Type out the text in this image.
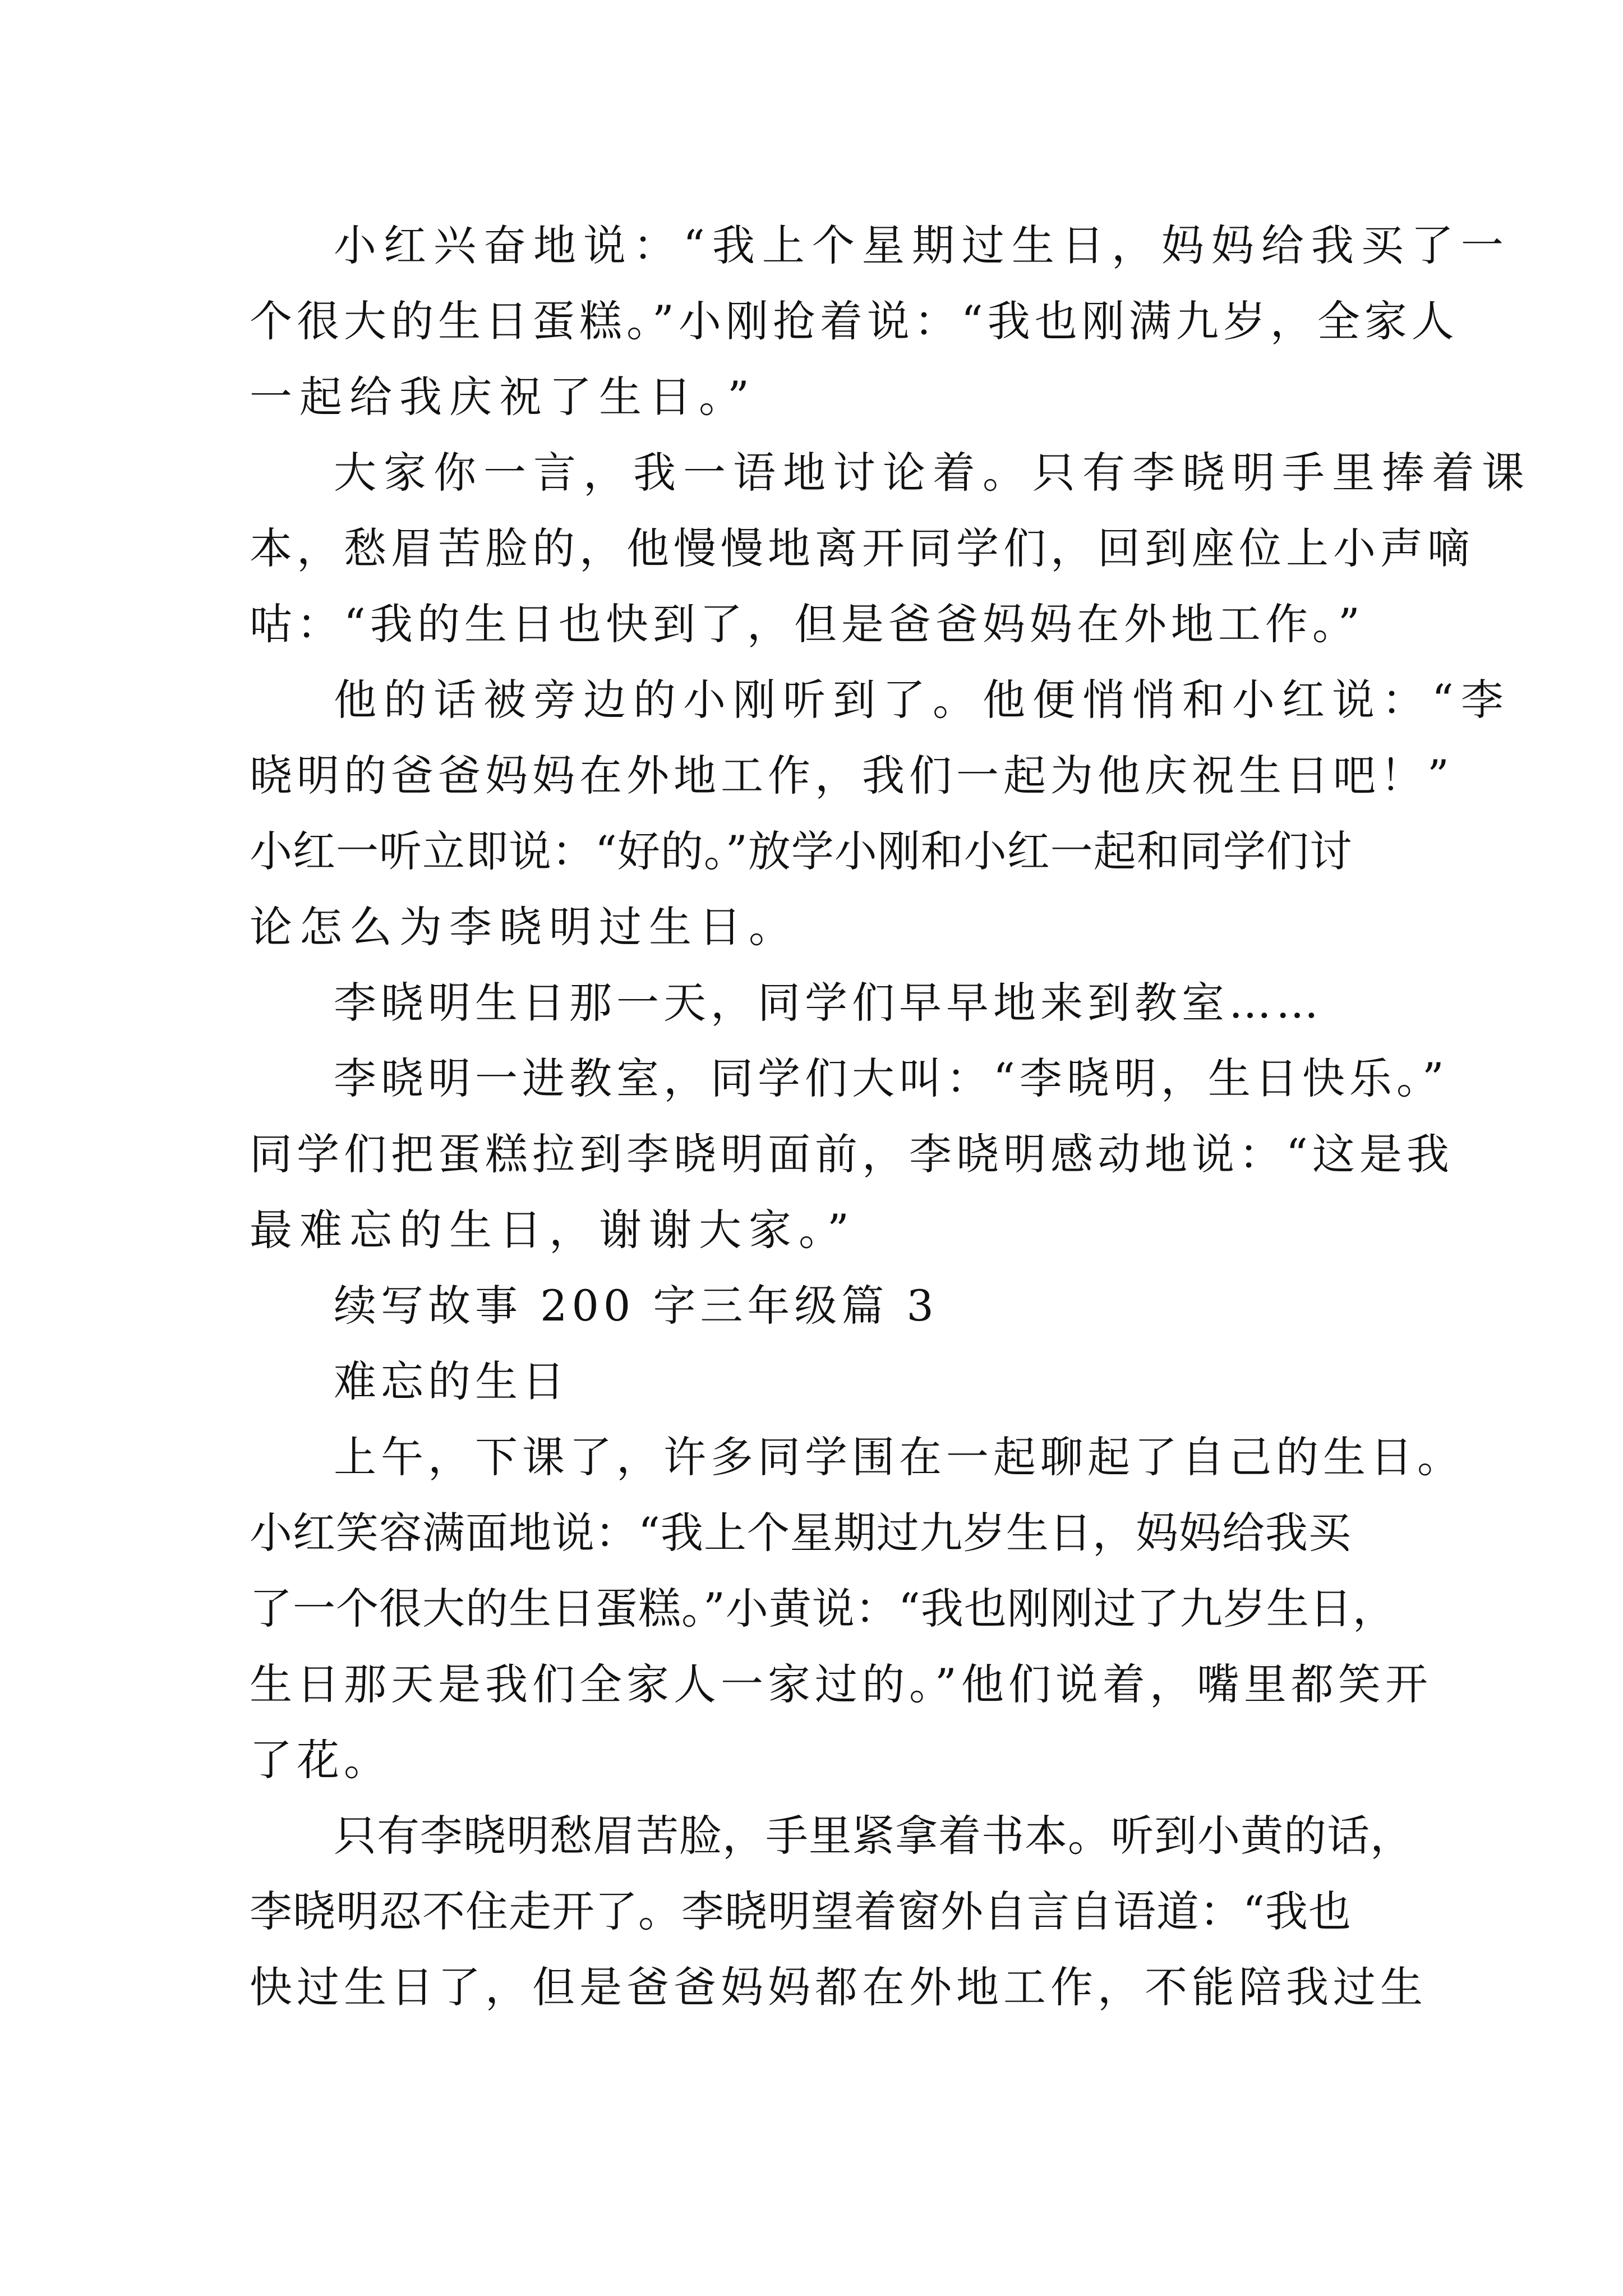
小红兴奋地说：“我上个星期过生日，妈妈给我买了一
个很大的生日蛋糕。”小刚抢着说：“我也刚满九岁，全家人
一起给我庆祝了生日。”
大家你一言，我一语地讨论着。只有李晓明手里捧着课
本，愁眉苦脸的，他慢慢地离开同学们，回到座位上小声嘀
咕：“我的生日也快到了，但是爸爸妈妈在外地工作。”
他的话被旁边的小刚听到了。他便悄悄和小红说：“李
晓明的爸爸妈妈在外地工作，我们一起为他庆祝生日吧！”
小红一听立即说：“好的。”放学小刚和小红一起和同学们讨
论怎么为李晓明过生日。
李晓明生日那一天，同学们早早地来到教室……
李晓明一进教室，同学们大叫：“李晓明，生日快乐。”
同学们把蛋糕拉到李晓明面前，李晓明感动地说：“这是我
最难忘的生日，谢谢大家。”
续写故事 200 字三年级篇 3
难忘的生日
上午，下课了，许多同学围在一起聊起了自己的生日。
小红笑容满面地说：“我上个星期过九岁生日，妈妈给我买
了一个很大的生日蛋糕。”小黄说：“我也刚刚过了九岁生日，
生日那天是我们全家人一家过的。”他们说着，嘴里都笑开
了花。
只有李晓明愁眉苦脸，手里紧拿着书本。听到小黄的话，
李晓明忍不住走开了。李晓明望着窗外自言自语道：“我也
快过生日了，但是爸爸妈妈都在外地工作，不能陪我过生
